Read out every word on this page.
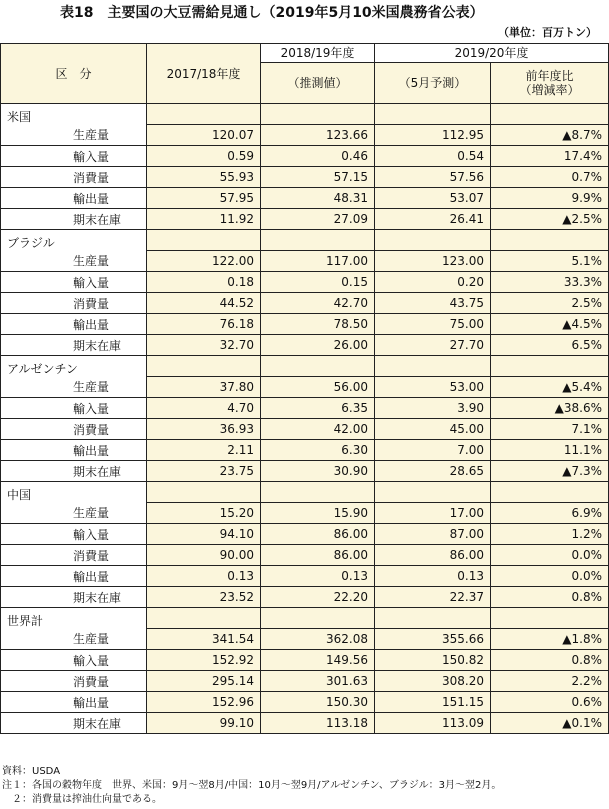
表18　主要国の大豆需給見通し（2019年5月10米国農務省公表）
（単位：百万トン）
区　分	2017/18年度	2018/19年度	2019/20年度	
		（推測値）	（5月予測）	前年度比
（増減率）

米国				
生産量	120.07	123.66	112.95	▲8.7%
輸入量	0.59	0.46	0.54	17.4%
消費量	55.93	57.15	57.56	0.7%
輸出量	57.95	48.31	53.07	9.9%
期末在庫	11.92	27.09	26.41	▲2.5%
ブラジル				
生産量	122.00	117.00	123.00	5.1%
輸入量	0.18	0.15	0.20	33.3%
消費量	44.52	42.70	43.75	2.5%
輸出量	76.18	78.50	75.00	▲4.5%
期末在庫	32.70	26.00	27.70	6.5%
アルゼンチン				
生産量	37.80	56.00	53.00	▲5.4%
輸入量	4.70	6.35	3.90	▲38.6%
消費量	36.93	42.00	45.00	7.1%
輸出量	2.11	6.30	7.00	11.1%
期末在庫	23.75	30.90	28.65	▲7.3%
中国				
生産量	15.20	15.90	17.00	6.9%
輸入量	94.10	86.00	87.00	1.2%
消費量	90.00	86.00	86.00	0.0%
輸出量	0.13	0.13	0.13	0.0%
期末在庫	23.52	22.20	22.37	0.8%
世界計				
生産量	341.54	362.08	355.66	▲1.8%
輸入量	152.92	149.56	150.82	0.8%
消費量	295.14	301.63	308.20	2.2%
輸出量	152.96	150.30	151.15	0.6%
期末在庫	99.10	113.18	113.09	▲0.1%
資料：USDA
注１：各国の穀物年度　世界、米国：9月～翌8月/中国：10月～翌9月/アルゼンチン、ブラジル：3月～翌2月。
　２：消費量は搾油仕向量である。
